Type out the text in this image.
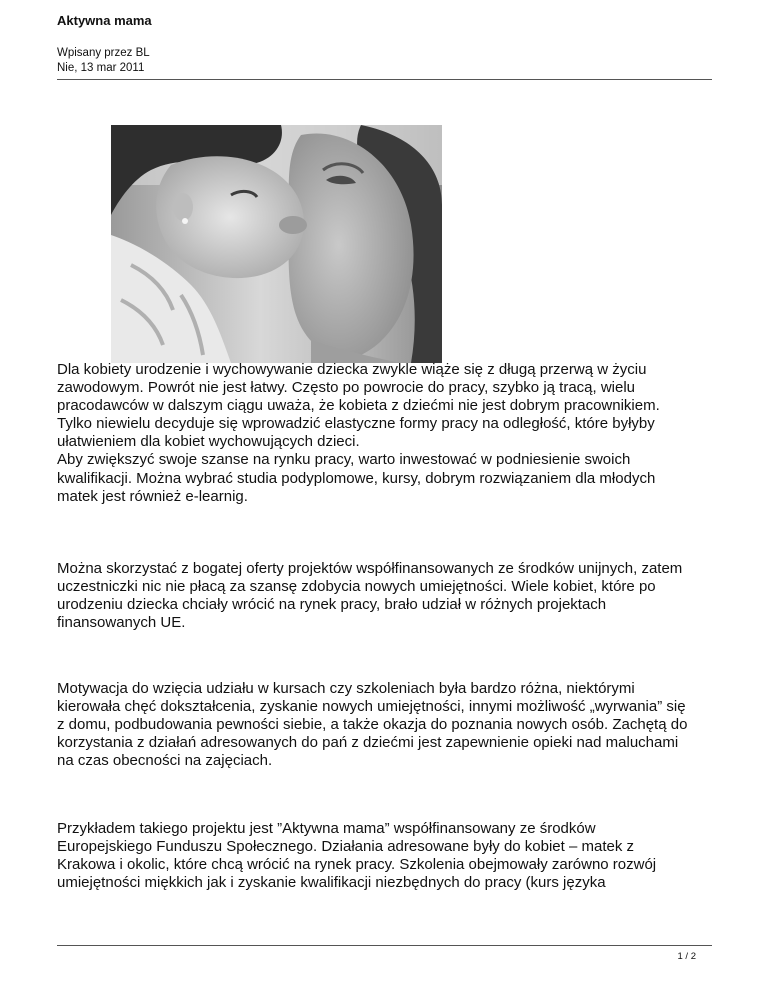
Aktywna mama
Wpisany przez BL
Nie, 13 mar 2011

Dla kobiety urodzenie i wychowywanie dziecka zwykle wiąże się z długą przerwą w życiu
zawodowym. Powrót nie jest łatwy. Często po powrocie do pracy, szybko ją tracą, wielu
pracodawców w dalszym ciągu uważa, że kobieta z dziećmi nie jest dobrym pracownikiem.
Tylko niewielu decyduje się wprowadzić elastyczne formy pracy na odległość, które byłyby
ułatwieniem dla kobiet wychowujących dzieci.
Aby zwiększyć swoje szanse na rynku pracy, warto inwestować w podniesienie swoich
kwalifikacji. Można wybrać studia podyplomowe, kursy, dobrym rozwiązaniem dla młodych
matek jest również e-learnig.

Można skorzystać z bogatej oferty projektów współfinansowanych ze środków unijnych, zatem
uczestniczki nic nie płacą za szansę zdobycia nowych umiejętności. Wiele kobiet, które po
urodzeniu dziecka chciały wrócić na rynek pracy, brało udział w różnych projektach
finansowanych UE.

Motywacja do wzięcia udziału w kursach czy szkoleniach była bardzo różna, niektórymi
kierowała chęć dokształcenia, zyskanie nowych umiejętności, innymi możliwość „wyrwania” się
z domu, podbudowania pewności siebie, a także okazja do poznania nowych osób. Zachętą do
korzystania z działań adresowanych do pań z dziećmi jest zapewnienie opieki nad maluchami
na czas obecności na zajęciach.

Przykładem takiego projektu jest ”Aktywna mama” współfinansowany ze środków
Europejskiego Funduszu Społecznego. Działania adresowane były do kobiet – matek z
Krakowa i okolic, które chcą wrócić na rynek pracy. Szkolenia obejmowały zarówno rozwój
umiejętności miękkich jak i zyskanie kwalifikacji niezbędnych do pracy (kurs języka

1 / 2
